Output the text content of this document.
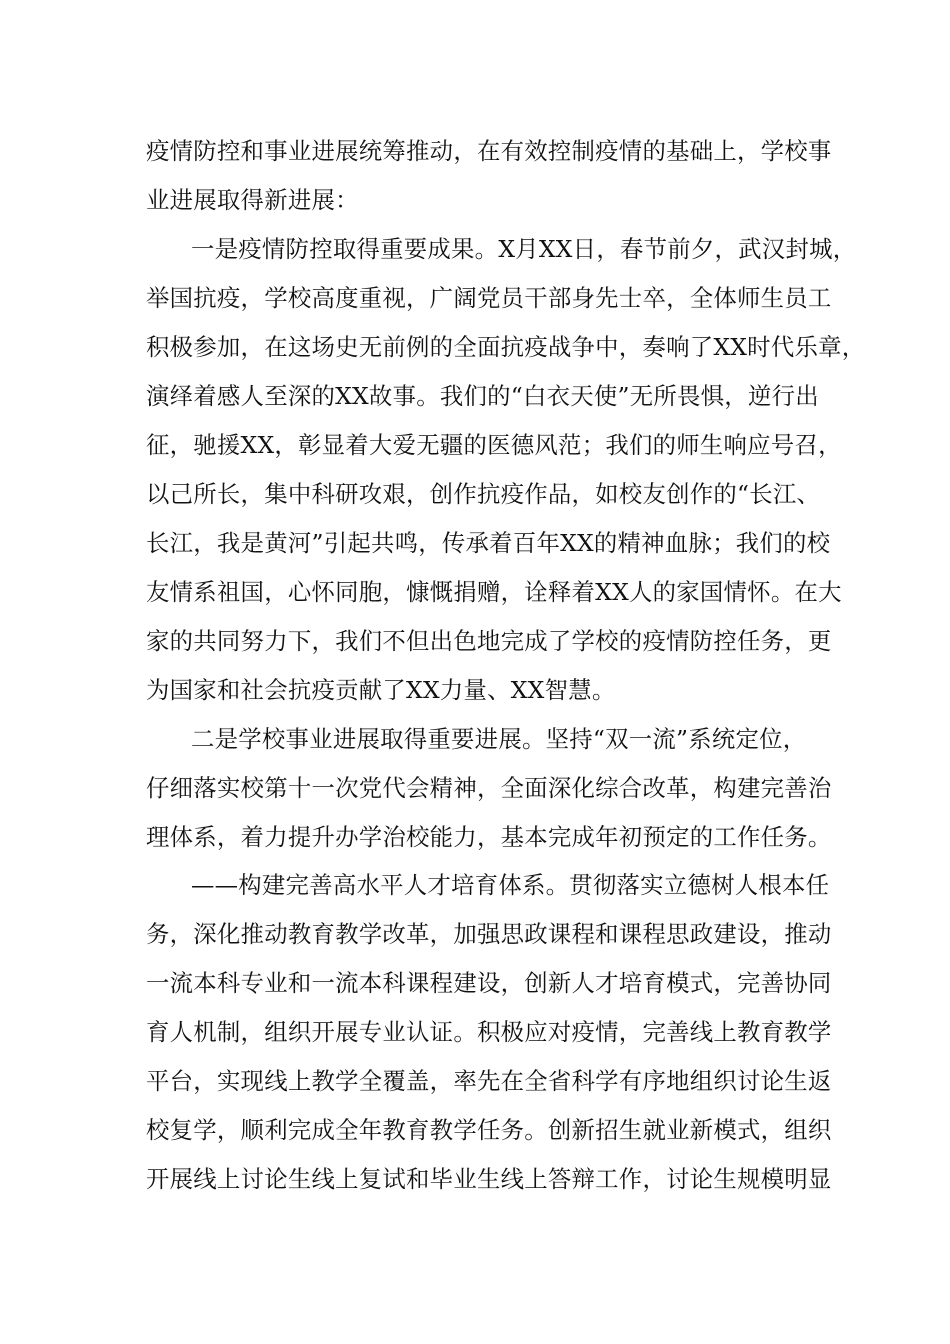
疫情防控和事业进展统筹推动，在有效控制疫情的基础上，学校事

业进展取得新进展：

一是疫情防控取得重要成果。X月XX日，春节前夕，武汉封城，

举国抗疫，学校高度重视，广阔党员干部身先士卒，全体师生员工

积极参加，在这场史无前例的全面抗疫战争中，奏响了XX时代乐章，

演绎着感人至深的XX故事。我们的“白衣天使”无所畏惧，逆行出

征，驰援XX，彰显着大爱无疆的医德风范；我们的师生响应号召，

以己所长，集中科研攻艰，创作抗疫作品，如校友创作的“长江、

长江，我是黄河”引起共鸣，传承着百年XX的精神血脉；我们的校

友情系祖国，心怀同胞，慷慨捐赠，诠释着XX人的家国情怀。在大

家的共同努力下，我们不但出色地完成了学校的疫情防控任务，更

为国家和社会抗疫贡献了XX力量、XX智慧。

二是学校事业进展取得重要进展。坚持“双一流”系统定位，

仔细落实校第十一次党代会精神，全面深化综合改革，构建完善治

理体系，着力提升办学治校能力，基本完成年初预定的工作任务。

——构建完善高水平人才培育体系。贯彻落实立德树人根本任

务，深化推动教育教学改革，加强思政课程和课程思政建设，推动

一流本科专业和一流本科课程建设，创新人才培育模式，完善协同

育人机制，组织开展专业认证。积极应对疫情，完善线上教育教学

平台，实现线上教学全覆盖，率先在全省科学有序地组织讨论生返

校复学，顺利完成全年教育教学任务。创新招生就业新模式，组织

开展线上讨论生线上复试和毕业生线上答辩工作，讨论生规模明显
